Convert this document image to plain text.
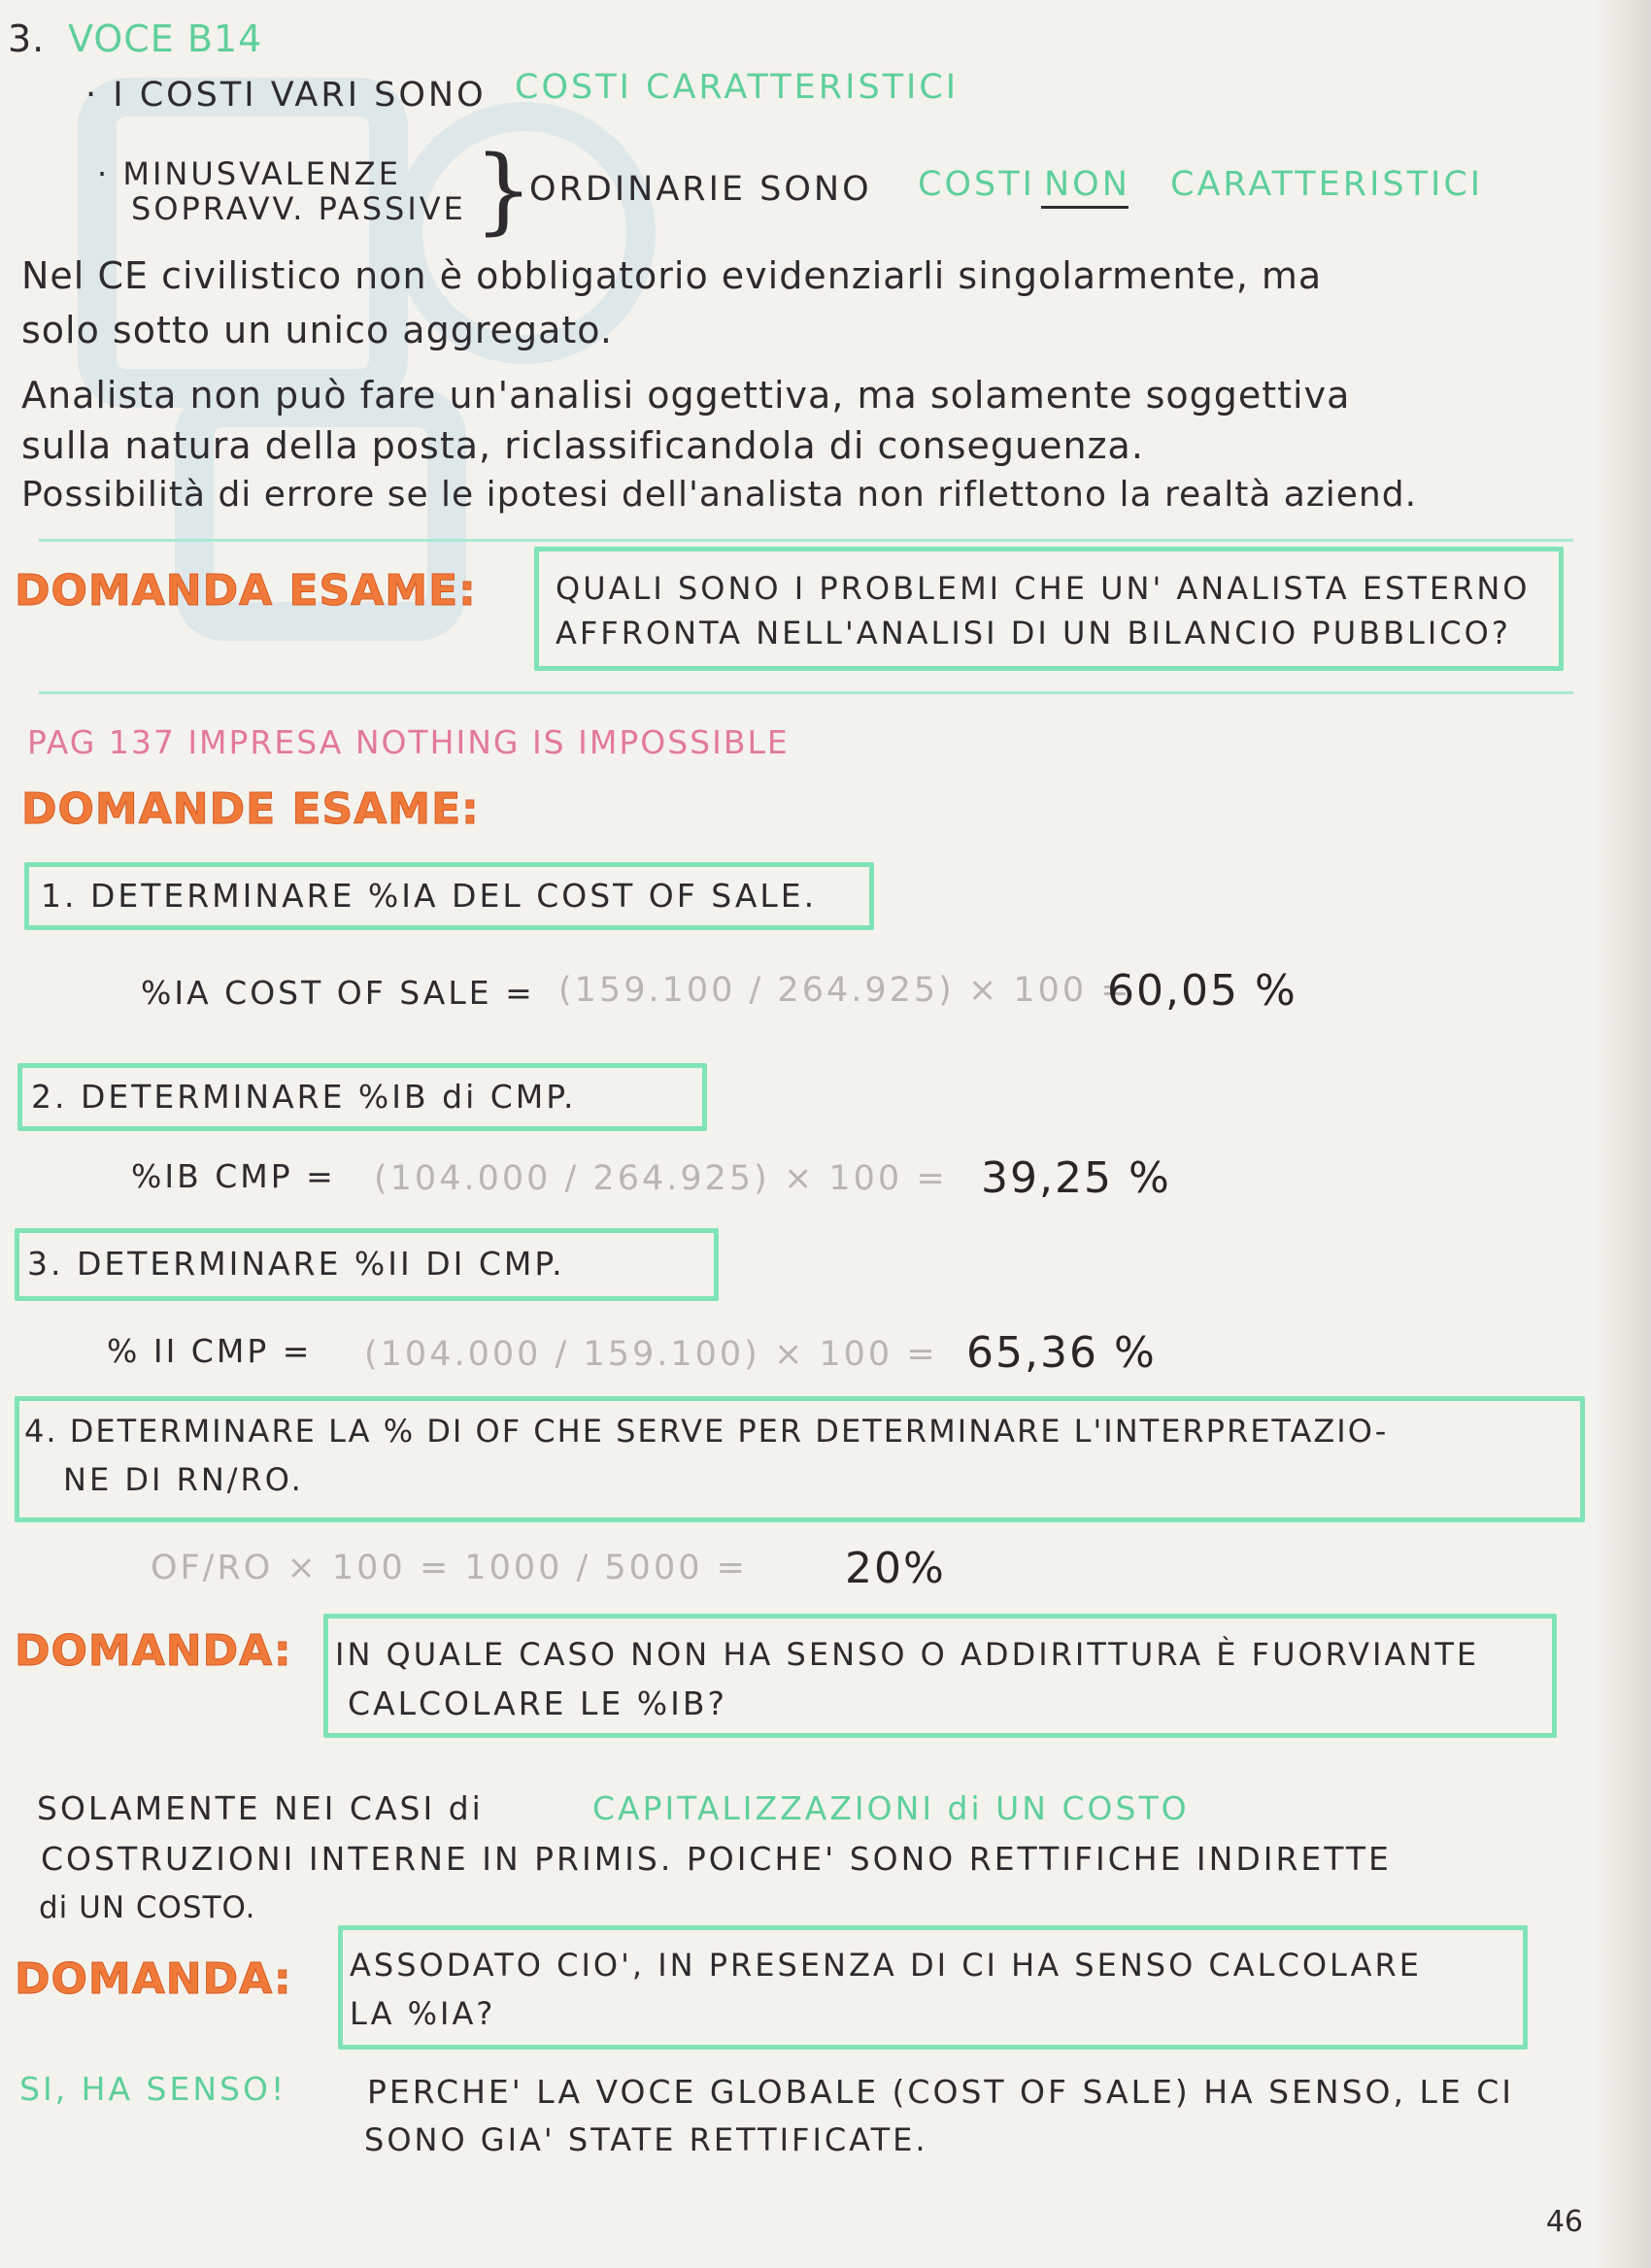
3. VOCE B14
· I COSTI VARI SONO COSTI CARATTERISTICI
· MINUSVALENZE
SOPRAVV. PASSIVE }
ORDINARIE SONO COSTI NON CARATTERISTICI
Nel CE civilistico non è obbligatorio evidenziarli singolarmente, ma
solo sotto un unico aggregato.
Analista non può fare un'analisi oggettiva, ma solamente soggettiva
sulla natura della posta, riclassificandola di conseguenza.
Possibilità di errore se le ipotesi dell'analista non riflettono la realtà aziend.
DOMANDA ESAME:	QUALI SONO I PROBLEMI CHE UN' ANALISTA ESTERNO
AFFRONTA NELL'ANALISI DI UN BILANCIO PUBBLICO?
PAG 137 IMPRESA NOTHING IS IMPOSSIBLE
DOMANDE ESAME:
1. DETERMINARE %IA DEL COST OF SALE.
%IA COST OF SALE = (159.100 / 264.925) × 100 =
60,05 %
2. DETERMINARE %IB di CMP.
%IB CMP = (104.000 / 264.925) × 100 = 39,25 %
3. DETERMINARE %II DI CMP.
% II CMP = (104.000 / 159.100) × 100 = 65,36 %
4. DETERMINARE LA % DI OF CHE SERVE PER DETERMINARE L'INTERPRETAZIO-
NE DI RN/RO.
OF/RO × 100 = 1000 / 5000 = 20%
DOMANDA: IN QUALE CASO NON HA SENSO O ADDIRITTURA È FUORVIANTE
CALCOLARE LE %IB?
SOLAMENTE NEI CASI di	CAPITALIZZAZIONI di UN COSTO
COSTRUZIONI INTERNE IN PRIMIS. POICHE' SONO RETTIFICHE INDIRETTE
di UN COSTO.
DOMANDA: ASSODATO CIO', IN PRESENZA DI CI HA SENSO CALCOLARE
LA %IA?
SI, HA SENSO!	PERCHE' LA VOCE GLOBALE (COST OF SALE) HA SENSO, LE CI
SONO GIA' STATE RETTIFICATE.
46
